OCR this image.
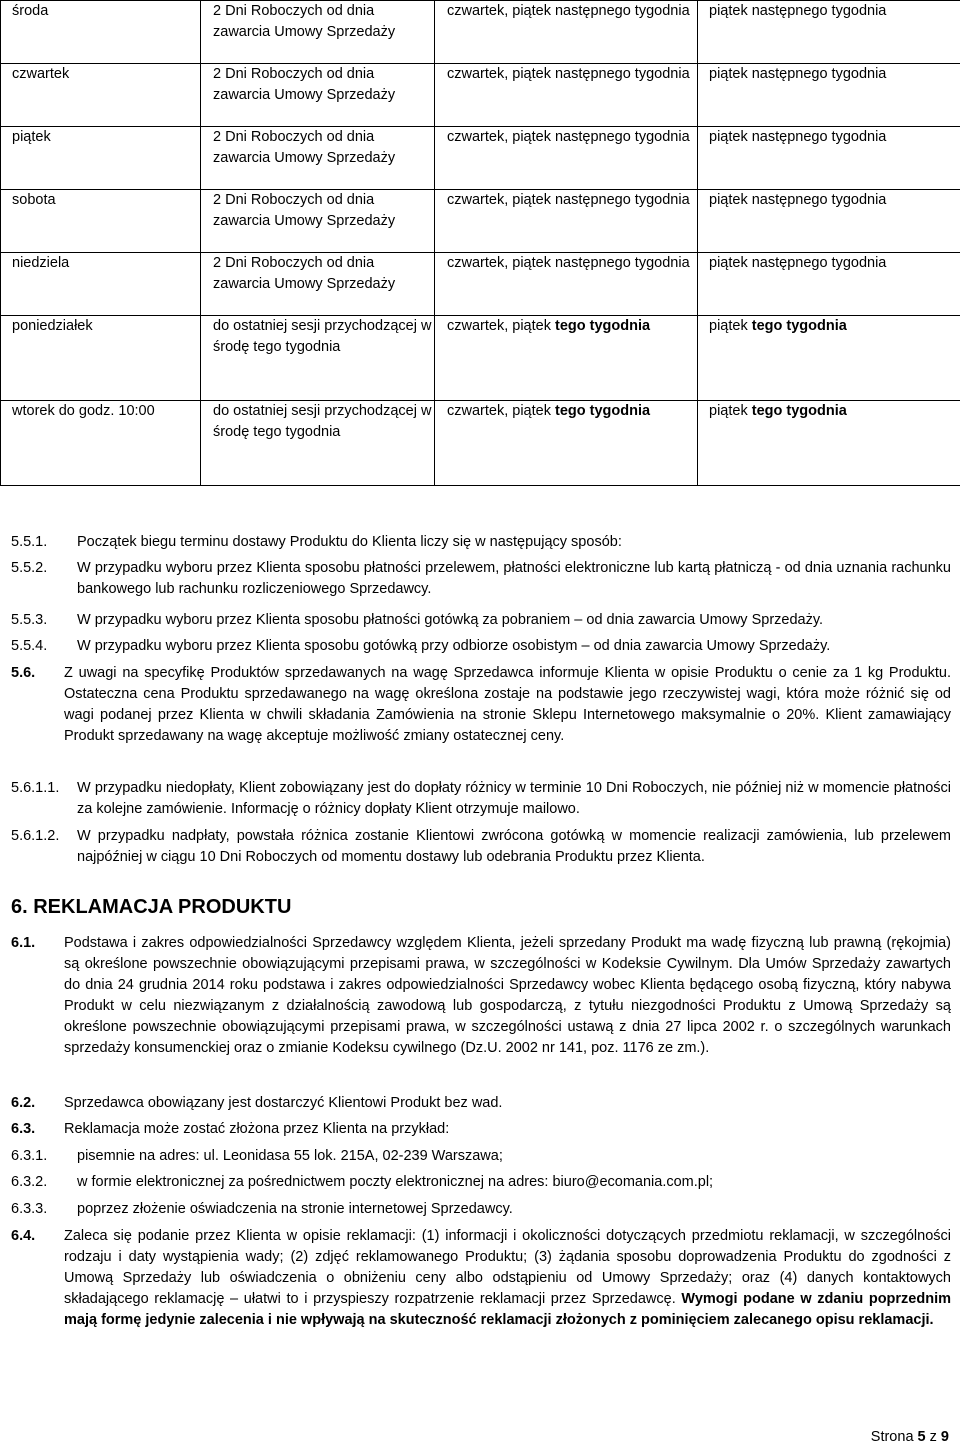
środa	2 Dni Roboczych od dnia zawarcia Umowy Sprzedaży	czwartek, piątek następnego tygodnia	piątek następnego tygodnia
czwartek	2 Dni Roboczych od dnia zawarcia Umowy Sprzedaży	czwartek, piątek następnego tygodnia	piątek następnego tygodnia
piątek	2 Dni Roboczych od dnia zawarcia Umowy Sprzedaży	czwartek, piątek następnego tygodnia	piątek następnego tygodnia
sobota	2 Dni Roboczych od dnia zawarcia Umowy Sprzedaży	czwartek, piątek następnego tygodnia	piątek następnego tygodnia
niedziela	2 Dni Roboczych od dnia zawarcia Umowy Sprzedaży	czwartek, piątek następnego tygodnia	piątek następnego tygodnia
poniedziałek	do ostatniej sesji przychodzącej w środę tego tygodnia	czwartek, piątek tego tygodnia	piątek tego tygodnia
wtorek do godz. 10:00	do ostatniej sesji przychodzącej w środę tego tygodnia	czwartek, piątek tego tygodnia	piątek tego tygodnia
5.5.1. Początek biegu terminu dostawy Produktu do Klienta liczy się w następujący sposób:
5.5.2. W przypadku wyboru przez Klienta sposobu płatności przelewem, płatności elektroniczne lub kartą płatniczą - od dnia uznania rachunku bankowego lub rachunku rozliczeniowego Sprzedawcy.
5.5.3. W przypadku wyboru przez Klienta sposobu płatności gotówką za pobraniem – od dnia zawarcia Umowy Sprzedaży.
5.5.4. W przypadku wyboru przez Klienta sposobu gotówką przy odbiorze osobistym – od dnia zawarcia Umowy Sprzedaży.
5.6. Z uwagi na specyfikę Produktów sprzedawanych na wagę Sprzedawca informuje Klienta w opisie Produktu o cenie za 1 kg Produktu. Ostateczna cena Produktu sprzedawanego na wagę określona zostaje na podstawie jego rzeczywistej wagi, która może różnić się od wagi podanej przez Klienta w chwili składania Zamówienia na stronie Sklepu Internetowego maksymalnie o 20%. Klient zamawiający Produkt sprzedawany na wagę akceptuje możliwość zmiany ostatecznej ceny.
5.6.1.1. W przypadku niedopłaty, Klient zobowiązany jest do dopłaty różnicy w terminie 10 Dni Roboczych, nie później niż w momencie płatności za kolejne zamówienie. Informację o różnicy dopłaty Klient otrzymuje mailowo.
5.6.1.2. W przypadku nadpłaty, powstała różnica zostanie Klientowi zwrócona gotówką w momencie realizacji zamówienia, lub przelewem najpóźniej w ciągu 10 Dni Roboczych od momentu dostawy lub odebrania Produktu przez Klienta.
6. REKLAMACJA PRODUKTU
6.1. Podstawa i zakres odpowiedzialności Sprzedawcy względem Klienta, jeżeli sprzedany Produkt ma wadę fizyczną lub prawną (rękojmia) są określone powszechnie obowiązującymi przepisami prawa, w szczególności w Kodeksie Cywilnym. Dla Umów Sprzedaży zawartych do dnia 24 grudnia 2014 roku podstawa i zakres odpowiedzialności Sprzedawcy wobec Klienta będącego osobą fizyczną, który nabywa Produkt w celu niezwiązanym z działalnością zawodową lub gospodarczą, z tytułu niezgodności Produktu z Umową Sprzedaży są określone powszechnie obowiązującymi przepisami prawa, w szczególności ustawą z dnia 27 lipca 2002 r. o szczególnych warunkach sprzedaży konsumenckiej oraz o zmianie Kodeksu cywilnego (Dz.U. 2002 nr 141, poz. 1176 ze zm.).
6.2. Sprzedawca obowiązany jest dostarczyć Klientowi Produkt bez wad.
6.3. Reklamacja może zostać złożona przez Klienta na przykład:
6.3.1. pisemnie na adres: ul. Leonidasa 55 lok. 215A, 02-239 Warszawa;
6.3.2. w formie elektronicznej za pośrednictwem poczty elektronicznej na adres: biuro@ecomania.com.pl;
6.3.3. poprzez złożenie oświadczenia na stronie internetowej Sprzedawcy.
6.4. Zaleca się podanie przez Klienta w opisie reklamacji: (1) informacji i okoliczności dotyczących przedmiotu reklamacji, w szczególności rodzaju i daty wystąpienia wady; (2) zdjęć reklamowanego Produktu; (3) żądania sposobu doprowadzenia Produktu do zgodności z Umową Sprzedaży lub oświadczenia o obniżeniu ceny albo odstąpieniu od Umowy Sprzedaży; oraz (4) danych kontaktowych składającego reklamację – ułatwi to i przyspieszy rozpatrzenie reklamacji przez Sprzedawcę. Wymogi podane w zdaniu poprzednim mają formę jedynie zalecenia i nie wpływają na skuteczność reklamacji złożonych z pominięciem zalecanego opisu reklamacji.
Strona 5 z 9
